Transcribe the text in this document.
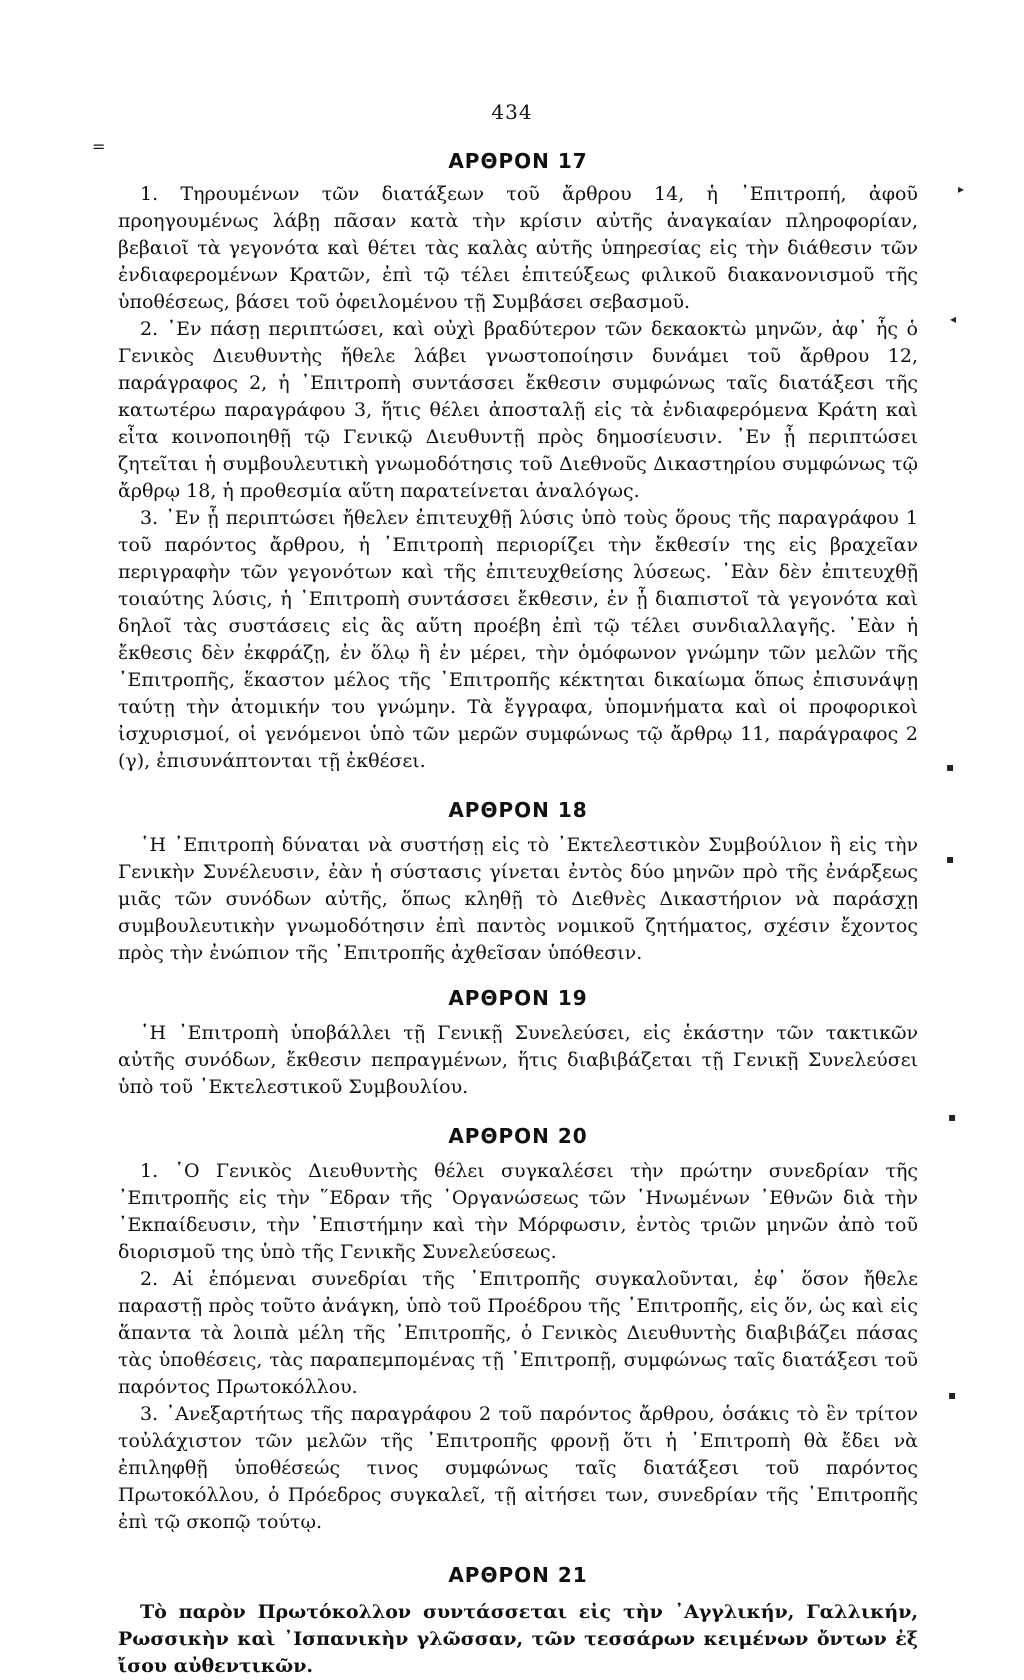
434
=
▸
◂
▪
▪
▪
▪
ΑΡΘΡΟΝ 17

1. Τηρουμένων τῶν διατάξεων τοῦ ἄρθρου 14, ἡ ᾿Επιτροπή, ἀφοῦ προηγουμένως λάβῃ πᾶσαν κατὰ τὴν κρίσιν αὐτῆς ἀναγκαίαν πληροφορίαν, βεβαιοῖ τὰ γεγονότα καὶ θέτει τὰς καλὰς αὐτῆς ὑπηρεσίας εἰς τὴν διάθεσιν τῶν ἐνδιαφερομένων Κρατῶν, ἐπὶ τῷ τέλει ἐπιτεύξεως φιλικοῦ διακανονισμοῦ τῆς ὑποθέσεως, βάσει τοῦ ὀφειλομένου τῇ Συμβάσει σεβασμοῦ.

2. ᾿Εν πάσῃ περιπτώσει, καὶ οὐχὶ βραδύτερον τῶν δεκαοκτὼ μηνῶν, ἀφ᾿ ἧς ὁ Γενικὸς Διευθυντὴς ἤθελε λάβει γνωστοποίησιν δυνάμει τοῦ ἄρθρου 12, παράγραφος 2, ἡ ᾿Επιτροπὴ συντάσσει ἔκθεσιν συμφώνως ταῖς διατάξεσι τῆς κατωτέρω παραγράφου 3, ἥτις θέλει ἀποσταλῇ εἰς τὰ ἐνδιαφερόμενα Κράτη καὶ εἶτα κοινοποιηθῇ τῷ Γενικῷ Διευθυντῇ πρὸς δημοσίευσιν. ᾿Εν ᾗ περιπτώσει ζητεῖται ἡ συμβουλευτικὴ γνωμοδότησις τοῦ Διεθνοῦς Δικαστηρίου συμφώνως τῷ ἄρθρῳ 18, ἡ προθεσμία αὕτη παρατείνεται ἀναλόγως.

3. ᾿Εν ᾗ περιπτώσει ἤθελεν ἐπιτευχθῇ λύσις ὑπὸ τοὺς ὅρους τῆς παραγράφου 1 τοῦ παρόντος ἄρθρου, ἡ ᾿Επιτροπὴ περιορίζει τὴν ἔκθεσίν της εἰς βραχεῖαν περιγραφὴν τῶν γεγονότων καὶ τῆς ἐπιτευχθείσης λύσεως. ᾿Εὰν δὲν ἐπιτευχθῇ τοιαύτης λύσις, ἡ ᾿Επιτροπὴ συντάσσει ἔκθεσιν, ἐν ᾗ διαπιστοῖ τὰ γεγονότα καὶ δηλοῖ τὰς συστάσεις εἰς ἃς αὕτη προέβη ἐπὶ τῷ τέλει συνδιαλλαγῆς. ᾿Εὰν ἡ ἔκθεσις δὲν ἐκφράζῃ, ἐν ὅλῳ ἢ ἐν μέρει, τὴν ὁμόφωνον γνώμην τῶν μελῶν τῆς ᾿Επιτροπῆς, ἕκαστον μέλος τῆς ᾿Επιτροπῆς κέκτηται δικαίωμα ὅπως ἐπισυνάψῃ ταύτῃ τὴν ἀτομικήν του γνώμην. Τὰ ἔγγραφα, ὑπομνήματα καὶ οἱ προφορικοὶ ἰσχυρισμοί, οἱ γενόμενοι ὑπὸ τῶν μερῶν συμφώνως τῷ ἄρθρῳ 11, παράγραφος 2 (γ), ἐπισυνάπτονται τῇ ἐκθέσει.

ΑΡΘΡΟΝ 18

῾Η ᾿Επιτροπὴ δύναται νὰ συστήσῃ εἰς τὸ ᾿Εκτελεστικὸν Συμβούλιον ἢ εἰς τὴν Γενικὴν Συνέλευσιν, ἐὰν ἡ σύστασις γίνεται ἐντὸς δύο μηνῶν πρὸ τῆς ἐνάρξεως μιᾶς τῶν συνόδων αὐτῆς, ὅπως κληθῇ τὸ Διεθνὲς Δικαστήριον νὰ παράσχῃ συμβουλευτικὴν γνωμοδότησιν ἐπὶ παντὸς νομικοῦ ζητήματος, σχέσιν ἔχοντος πρὸς τὴν ἐνώπιον τῆς ᾿Επιτροπῆς ἀχθεῖσαν ὑπόθεσιν.

ΑΡΘΡΟΝ 19

῾Η ᾿Επιτροπὴ ὑποβάλλει τῇ Γενικῇ Συνελεύσει, εἰς ἑκάστην τῶν τακτικῶν αὐτῆς συνόδων, ἔκθεσιν πεπραγμένων, ἥτις διαβιβάζεται τῇ Γενικῇ Συνελεύσει ὑπὸ τοῦ ᾿Εκτελεστικοῦ Συμβουλίου.

ΑΡΘΡΟΝ 20

1. ῾Ο Γενικὸς Διευθυντὴς θέλει συγκαλέσει τὴν πρώτην συνεδρίαν τῆς ᾿Επιτροπῆς εἰς τὴν ῞Εδραν τῆς ᾿Οργανώσεως τῶν ῾Ηνωμένων ᾿Εθνῶν διὰ τὴν ᾿Εκπαίδευσιν, τὴν ᾿Επιστήμην καὶ τὴν Μόρφωσιν, ἐντὸς τριῶν μηνῶν ἀπὸ τοῦ διορισμοῦ της ὑπὸ τῆς Γενικῆς Συνελεύσεως.

2. Αἱ ἑπόμεναι συνεδρίαι τῆς ᾿Επιτροπῆς συγκαλοῦνται, ἐφ᾿ ὅσον ἤθελε παραστῇ πρὸς τοῦτο ἀνάγκη, ὑπὸ τοῦ Προέδρου τῆς ᾿Επιτροπῆς, εἰς ὅν, ὡς καὶ εἰς ἅπαντα τὰ λοιπὰ μέλη τῆς ᾿Επιτροπῆς, ὁ Γενικὸς Διευθυντὴς διαβιβάζει πάσας τὰς ὑποθέσεις, τὰς παραπεμπομένας τῇ ᾿Επιτροπῇ, συμφώνως ταῖς διατάξεσι τοῦ παρόντος Πρωτοκόλλου.

3. ᾿Ανεξαρτήτως τῆς παραγράφου 2 τοῦ παρόντος ἄρθρου, ὁσάκις τὸ ἓν τρίτον τοὐλάχιστον τῶν μελῶν τῆς ᾿Επιτροπῆς φρονῇ ὅτι ἡ ᾿Επιτροπὴ θὰ ἔδει νὰ ἐπιληφθῇ ὑποθέσεώς τινος συμφώνως ταῖς διατάξεσι τοῦ παρόντος Πρωτοκόλλου, ὁ Πρόεδρος συγκαλεῖ, τῇ αἰτήσει των, συνεδρίαν τῆς ᾿Επιτροπῆς ἐπὶ τῷ σκοπῷ τούτῳ.

ΑΡΘΡΟΝ 21

Τὸ παρὸν Πρωτόκολλον συντάσσεται εἰς τὴν ᾿Αγγλικήν, Γαλλικήν, Ρωσσικὴν καὶ ᾿Ισπανικὴν γλῶσσαν, τῶν τεσσάρων κειμένων ὄντων ἐξ ἴσου αὐθεντικῶν.
